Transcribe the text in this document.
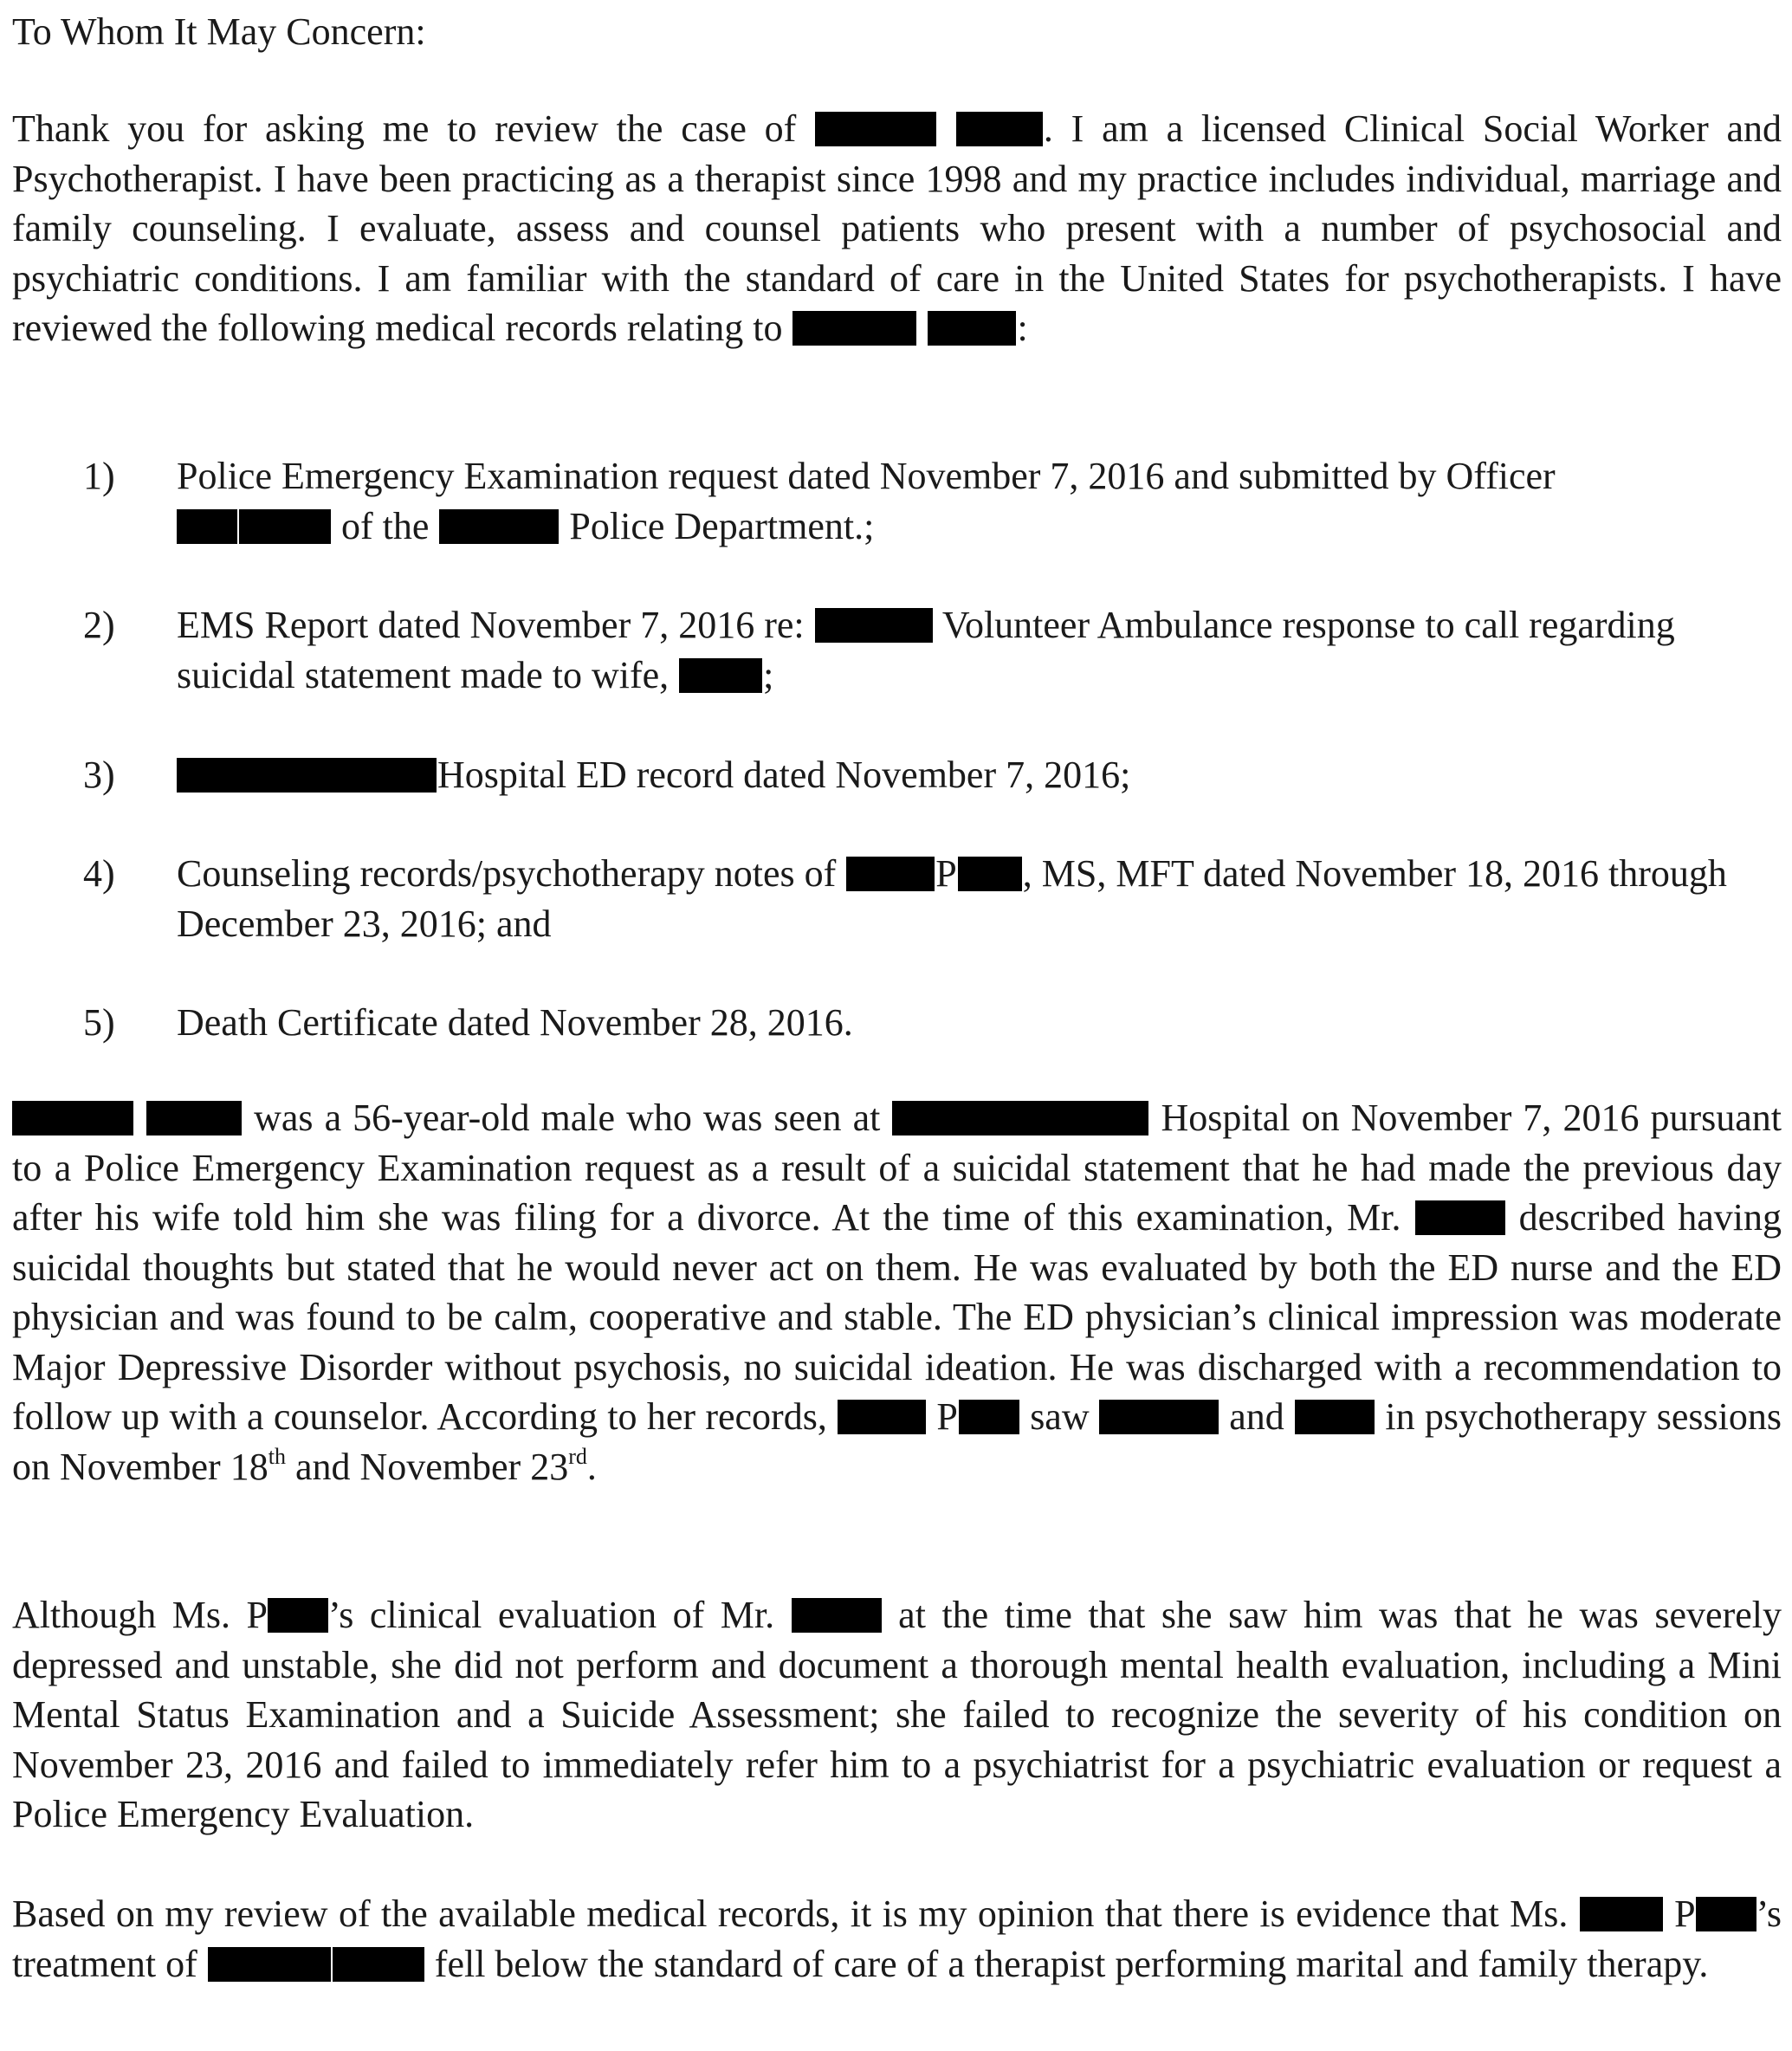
To Whom It May Concern:

Thank you for asking me to review the case of	. I am a licensed Clinical Social Worker and Psychotherapist. I have been practicing as a therapist since 1998 and my practice includes individual, marriage and family counseling. I evaluate, assess and counsel patients who present with a number of psychosocial and psychiatric conditions. I am familiar with the standard of care in the United States for psychotherapists. I have reviewed the following medical records relating to	:

1) Police Emergency Examination request dated November 7, 2016 and submitted by Officer
of the	Police Department.;
2) EMS Report dated November 7, 2016 re:	Volunteer Ambulance response to call regarding suicidal statement made to wife, ;
3)	Hospital ED record dated November 7, 2016;
4) Counseling records/psychotherapy notes of	P , MS, MFT dated November 18, 2016 through December 23, 2016; and
5) Death Certificate dated November 28, 2016.

was a 56-year-old male who was seen at	Hospital on November 7, 2016 pursuant to a Police Emergency Examination request as a result of a suicidal statement that he had made the previous day after his wife told him she was filing for a divorce. At the time of this examination, Mr.	described having suicidal thoughts but stated that he would never act on them. He was evaluated by both the ED nurse and the ED physician and was found to be calm, cooperative and stable. The ED physician’s clinical impression was moderate Major Depressive Disorder without psychosis, no suicidal ideation. He was discharged with a recommendation to follow up with a counselor. According to her records,	P saw	and	in psychotherapy sessions on November 18th and November 23rd.

Although Ms. P ’s clinical evaluation of Mr.	at the time that she saw him was that he was severely depressed and unstable, she did not perform and document a thorough mental health evaluation, including a Mini Mental Status Examination and a Suicide Assessment; she failed to recognize the severity of his condition on November 23, 2016 and failed to immediately refer him to a psychiatrist for a psychiatric evaluation or request a Police Emergency Evaluation.

Based on my review of the available medical records, it is my opinion that there is evidence that Ms.	P ’s treatment of	fell below the standard of care of a therapist performing marital and family therapy.
